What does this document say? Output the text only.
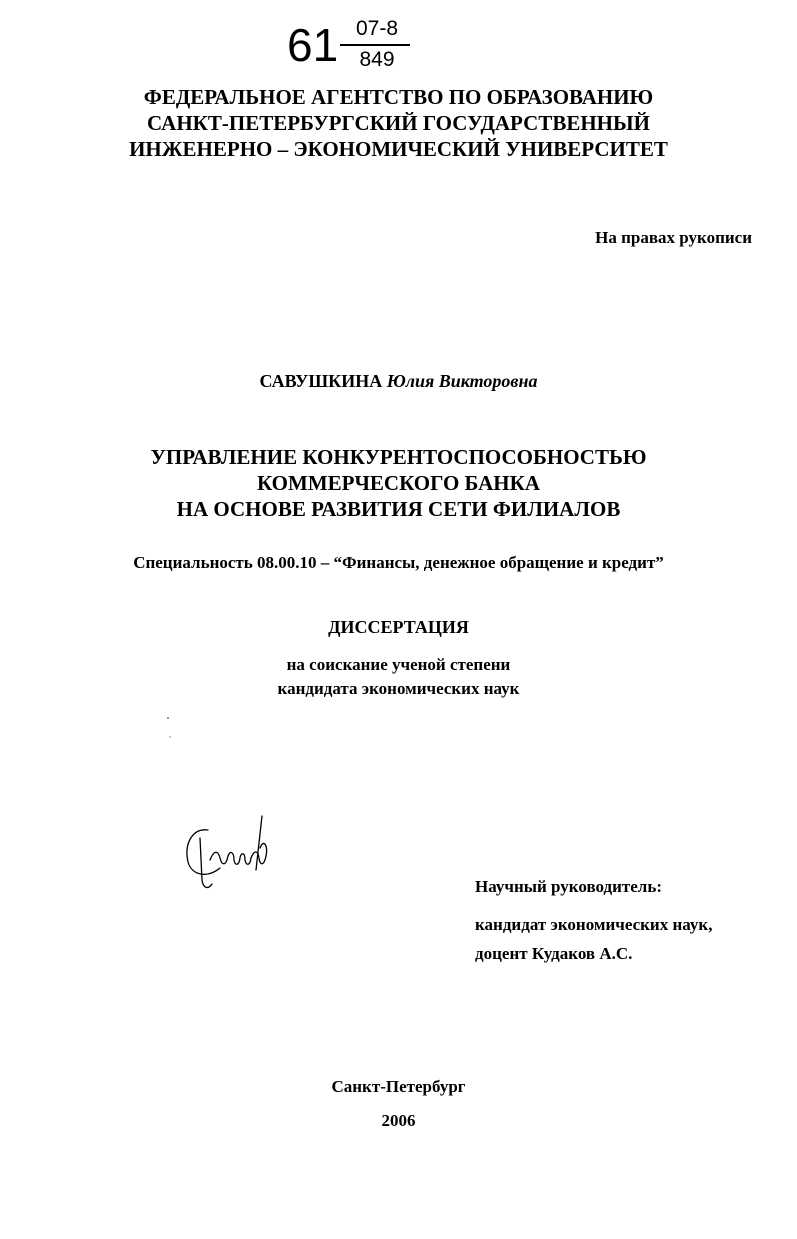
61 07-8
849
ФЕДЕРАЛЬНОЕ АГЕНТСТВО ПО ОБРАЗОВАНИЮ
САНКТ-ПЕТЕРБУРГСКИЙ ГОСУДАРСТВЕННЫЙ
ИНЖЕНЕРНО – ЭКОНОМИЧЕСКИЙ УНИВЕРСИТЕТ
На правах рукописи
САВУШКИНА Юлия Викторовна
УПРАВЛЕНИЕ КОНКУРЕНТОСПОСОБНОСТЬЮ
КОММЕРЧЕСКОГО БАНКА
НА ОСНОВЕ РАЗВИТИЯ СЕТИ ФИЛИАЛОВ
Специальность 08.00.10 – “Финансы, денежное обращение и кредит”
ДИССЕРТАЦИЯ
на соискание ученой степени
кандидата экономических наук
Научный руководитель:
кандидат экономических наук,
доцент Кудаков А.С.
Санкт-Петербург
2006
